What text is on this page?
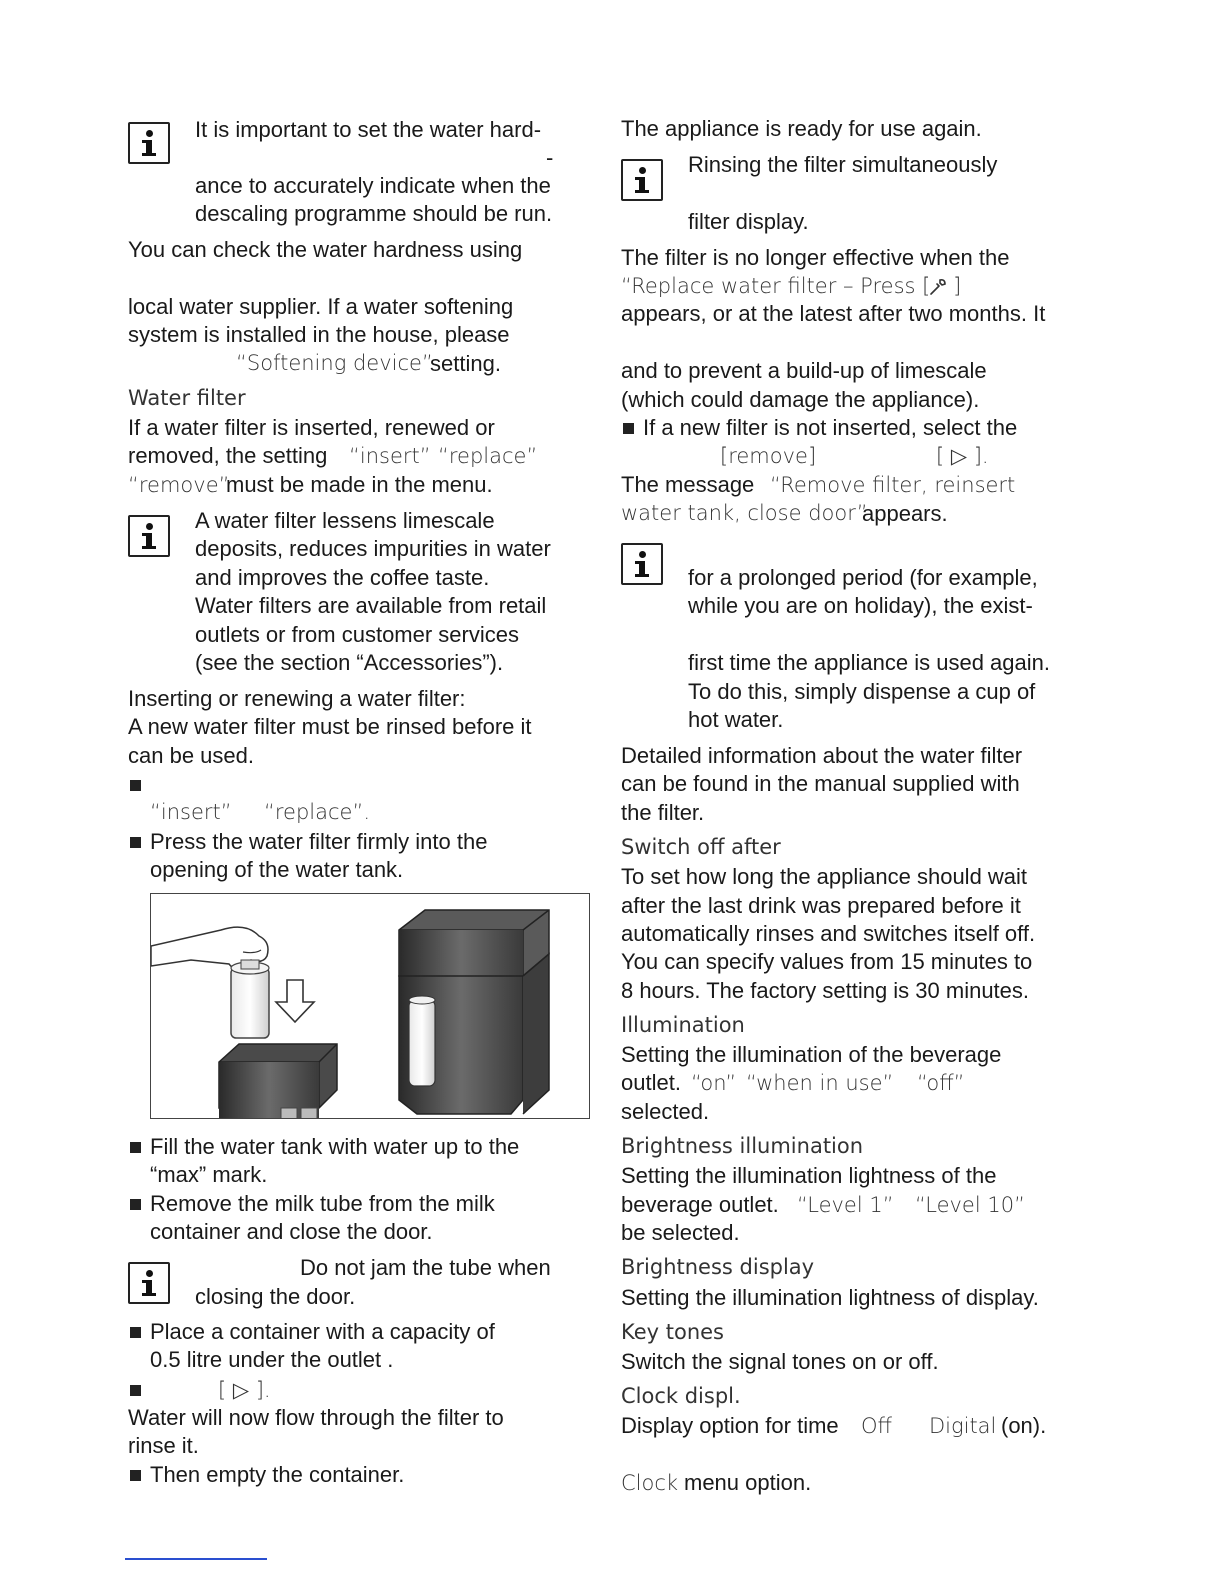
It is important to set the water hard-
-
ance to accurately indicate when the
descaling programme should be run.
You can check the water hardness using
local water supplier. If a water softening
system is installed in the house, please
“Softening device”
setting.
Water filter
If a water filter is inserted, renewed or
removed, the setting “insert” “replace”
“remove”
must be made in the menu.
A water filter lessens limescale
deposits, reduces impurities in water
and improves the coffee taste.
Water filters are available from retail
outlets or from customer services
(see the section “Accessories”).
Inserting or renewing a water filter:
A new water filter must be rinsed before it
can be used.
“insert” “replace”.
Press the water filter firmly into the
opening of the water tank.
Fill the water tank with water up to the
“max” mark.
Remove the milk tube from the milk
container and close the door.
Do not jam the tube when
closing the door.
Place a container with a capacity of
0.5 litre under the outlet .
[ ▷ ].
Water will now flow through the filter to
rinse it.
Then empty the container.
The appliance is ready for use again.
Rinsing the filter simultaneously
filter display.
The filter is no longer effective when the
“Replace water filter – Press [ ]
appears, or at the latest after two months. It
and to prevent a build-up of limescale
(which could damage the appliance).
If a new filter is not inserted, select the
[remove]	[ ▷ ].
The message “Remove filter, reinsert
water tank, close door”
appears.
for a prolonged period (for example,
while you are on holiday), the exist-
first time the appliance is used again.
To do this, simply dispense a cup of
hot water.
Detailed information about the water filter
can be found in the manual supplied with
the filter.
Switch off after
To set how long the appliance should wait
after the last drink was prepared before it
automatically rinses and switches itself off.
You can specify values from 15 minutes to
8 hours. The factory setting is 30 minutes.
Illumination
Setting the illumination of the beverage
outlet. “on” “when in use” “off”
selected.
Brightness illumination
Setting the illumination lightness of the
beverage outlet. “Level 1” “Level 10”
be selected.
Brightness display
Setting the illumination lightness of display.
Key tones
Switch the signal tones on or off.
Clock displ.
Display option for time Off Digital (on).
Clock menu option.
